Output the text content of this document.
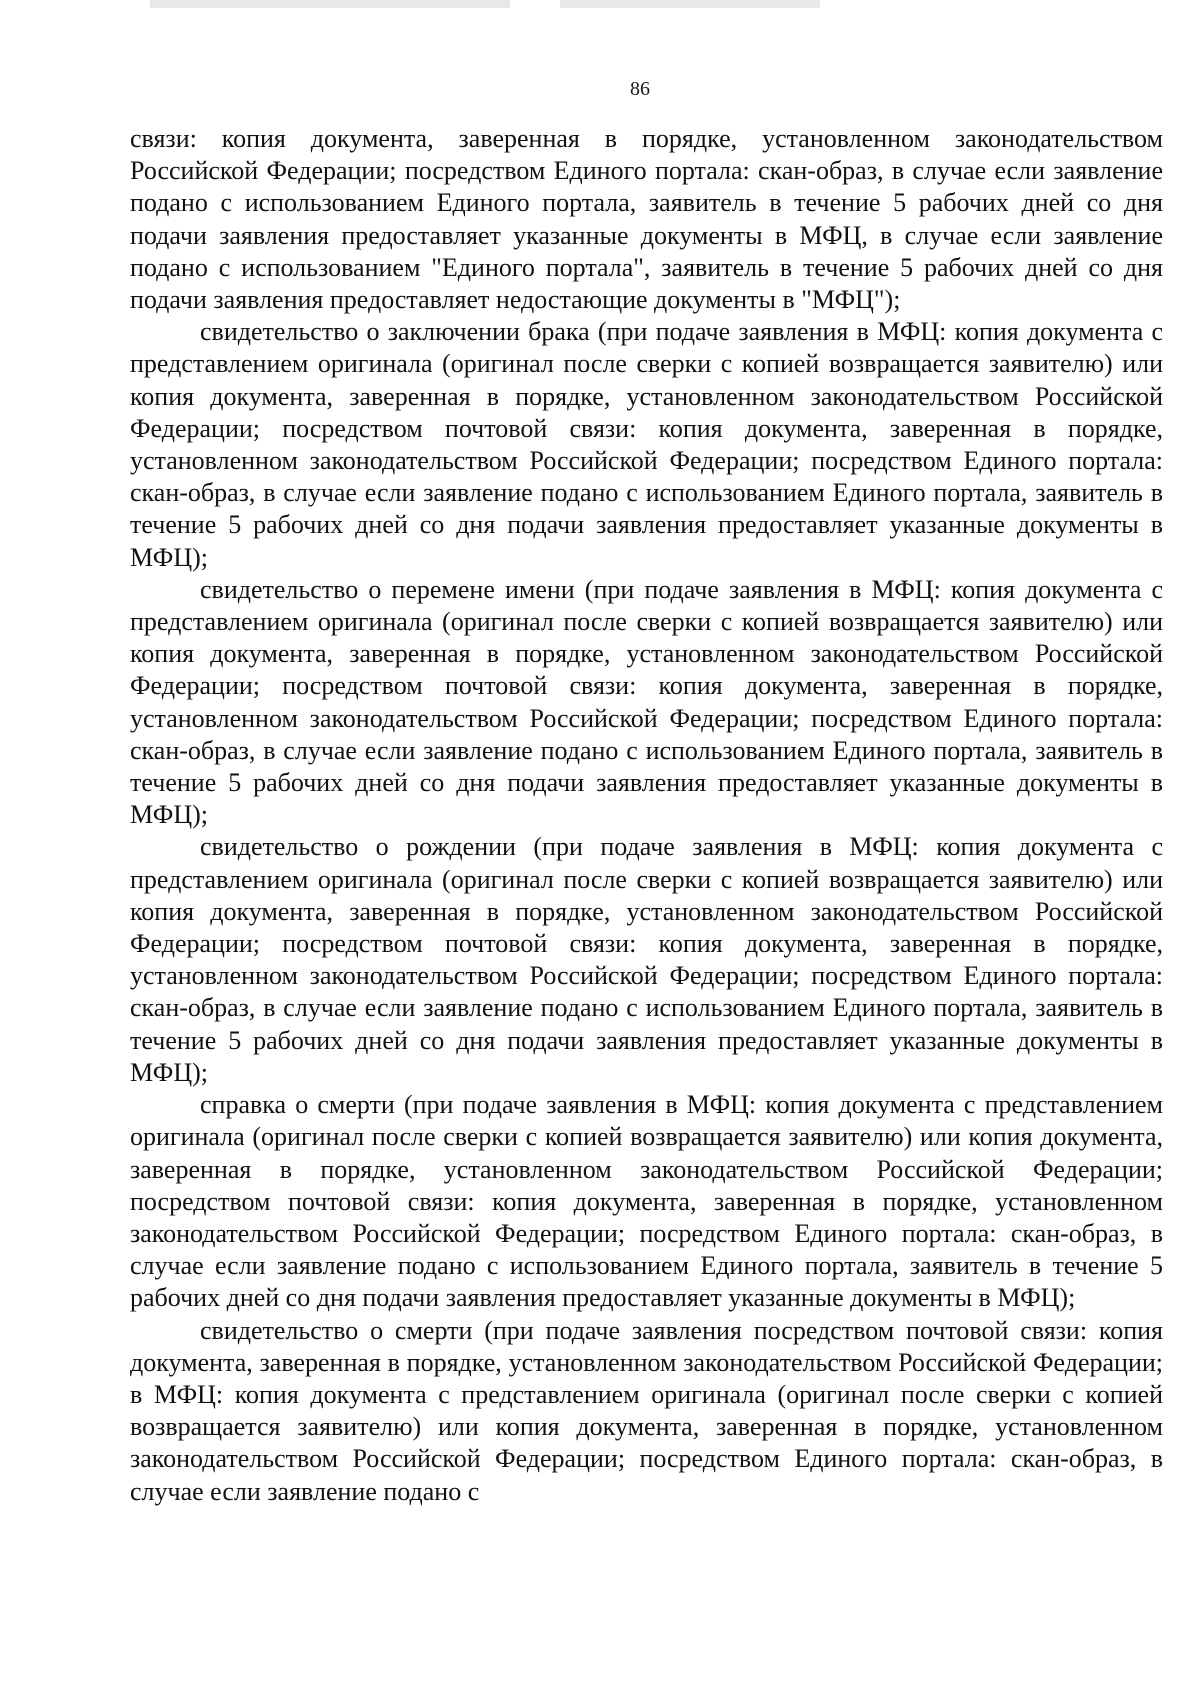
86

связи: копия документа, заверенная в порядке, установленном законодательством Российской Федерации; посредством Единого портала: скан-образ, в случае если заявление подано с использованием Единого портала, заявитель в течение 5 рабочих дней со дня подачи заявления предоставляет указанные документы в МФЦ, в случае если заявление подано с использованием "Единого портала", заявитель в течение 5 рабочих дней со дня подачи заявления предоставляет недостающие документы в "МФЦ");

свидетельство о заключении брака (при подаче заявления в МФЦ: копия документа с представлением оригинала (оригинал после сверки с копией возвращается заявителю) или копия документа, заверенная в порядке, установленном законодательством Российской Федерации; посредством почтовой связи: копия документа, заверенная в порядке, установленном законодательством Российской Федерации; посредством Единого портала: скан-образ, в случае если заявление подано с использованием Единого портала, заявитель в течение 5 рабочих дней со дня подачи заявления предоставляет указанные документы в МФЦ);

свидетельство о перемене имени (при подаче заявления в МФЦ: копия документа с представлением оригинала (оригинал после сверки с копией возвращается заявителю) или копия документа, заверенная в порядке, установленном законодательством Российской Федерации; посредством почтовой связи: копия документа, заверенная в порядке, установленном законодательством Российской Федерации; посредством Единого портала: скан-образ, в случае если заявление подано с использованием Единого портала, заявитель в течение 5 рабочих дней со дня подачи заявления предоставляет указанные документы в МФЦ);

свидетельство о рождении (при подаче заявления в МФЦ: копия документа с представлением оригинала (оригинал после сверки с копией возвращается заявителю) или копия документа, заверенная в порядке, установленном законодательством Российской Федерации; посредством почтовой связи: копия документа, заверенная в порядке, установленном законодательством Российской Федерации; посредством Единого портала: скан-образ, в случае если заявление подано с использованием Единого портала, заявитель в течение 5 рабочих дней со дня подачи заявления предоставляет указанные документы в МФЦ);

справка о смерти (при подаче заявления в МФЦ: копия документа с представлением оригинала (оригинал после сверки с копией возвращается заявителю) или копия документа, заверенная в порядке, установленном законодательством Российской Федерации; посредством почтовой связи: копия документа, заверенная в порядке, установленном законодательством Российской Федерации; посредством Единого портала: скан-образ, в случае если заявление подано с использованием Единого портала, заявитель в течение 5 рабочих дней со дня подачи заявления предоставляет указанные документы в МФЦ);

свидетельство о смерти (при подаче заявления посредством почтовой связи: копия документа, заверенная в порядке, установленном законодательством Российской Федерации; в МФЦ: копия документа с представлением оригинала (оригинал после сверки с копией возвращается заявителю) или копия документа, заверенная в порядке, установленном законодательством Российской Федерации; посредством Единого портала: скан-образ, в случае если заявление подано с
